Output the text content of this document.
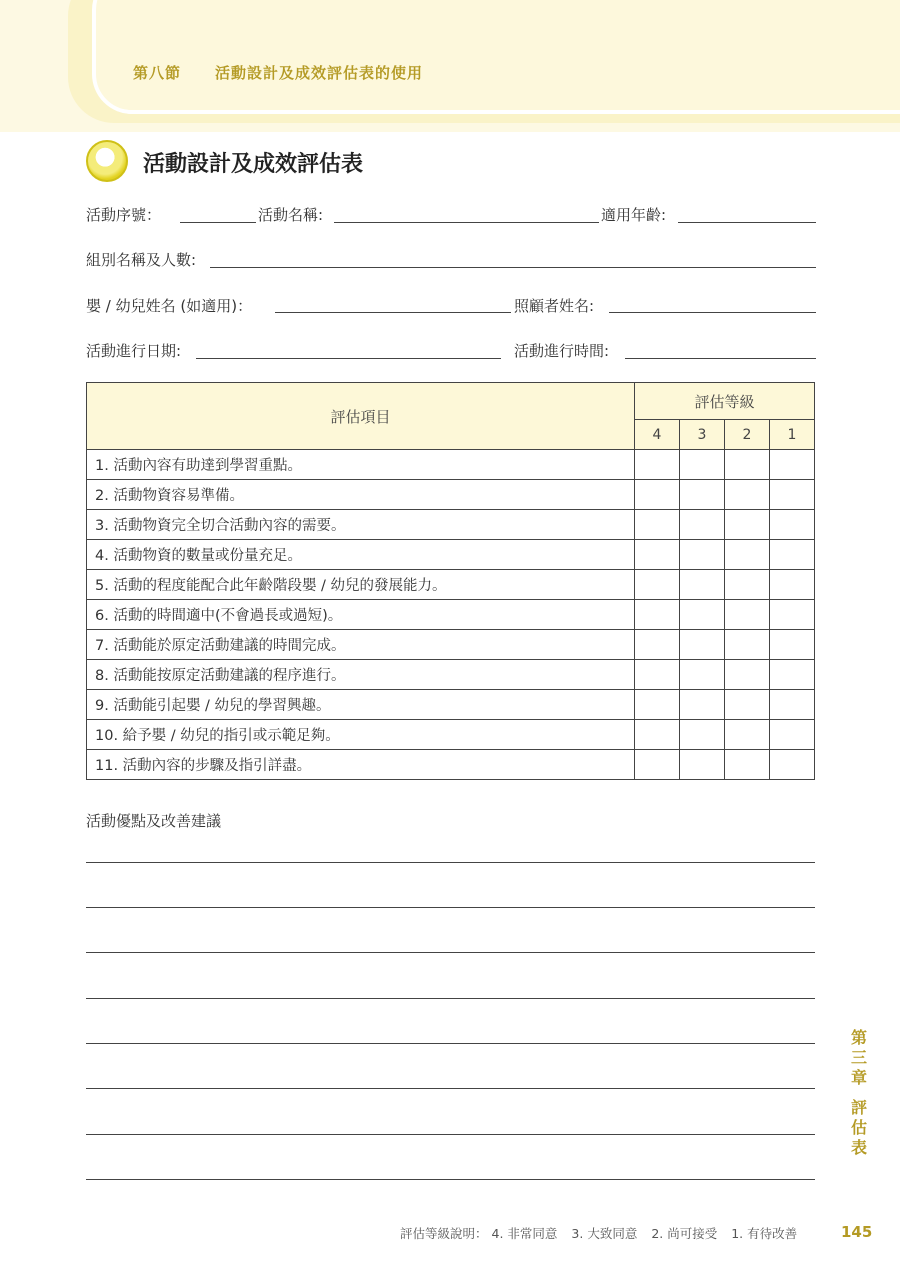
第八節 活動設計及成效評估表的使用
活動設計及成效評估表
活動序號：	活動名稱:	適用年齡:
組別名稱及人數:
嬰 / 幼兒姓名 (如適用)：	照顧者姓名:
活動進行日期:	活動進行時間:
評估項目	評估等級			
	4	3	2	1
1. 活動內容有助達到學習重點。				
2. 活動物資容易準備。				
3. 活動物資完全切合活動內容的需要。				
4. 活動物資的數量或份量充足。				
5. 活動的程度能配合此年齡階段嬰 / 幼兒的發展能力。				
6. 活動的時間適中(不會過長或過短)。				
7. 活動能於原定活動建議的時間完成。				
8. 活動能按原定活動建議的程序進行。				
9. 活動能引起嬰 / 幼兒的學習興趣。				
10. 給予嬰 / 幼兒的指引或示範足夠。				
11. 活動內容的步驟及指引詳盡。				
活動優點及改善建議
第
三
章
評
估
表
評估等級說明： 4. 非常同意 3. 大致同意 2. 尚可接受 1. 有待改善	145
